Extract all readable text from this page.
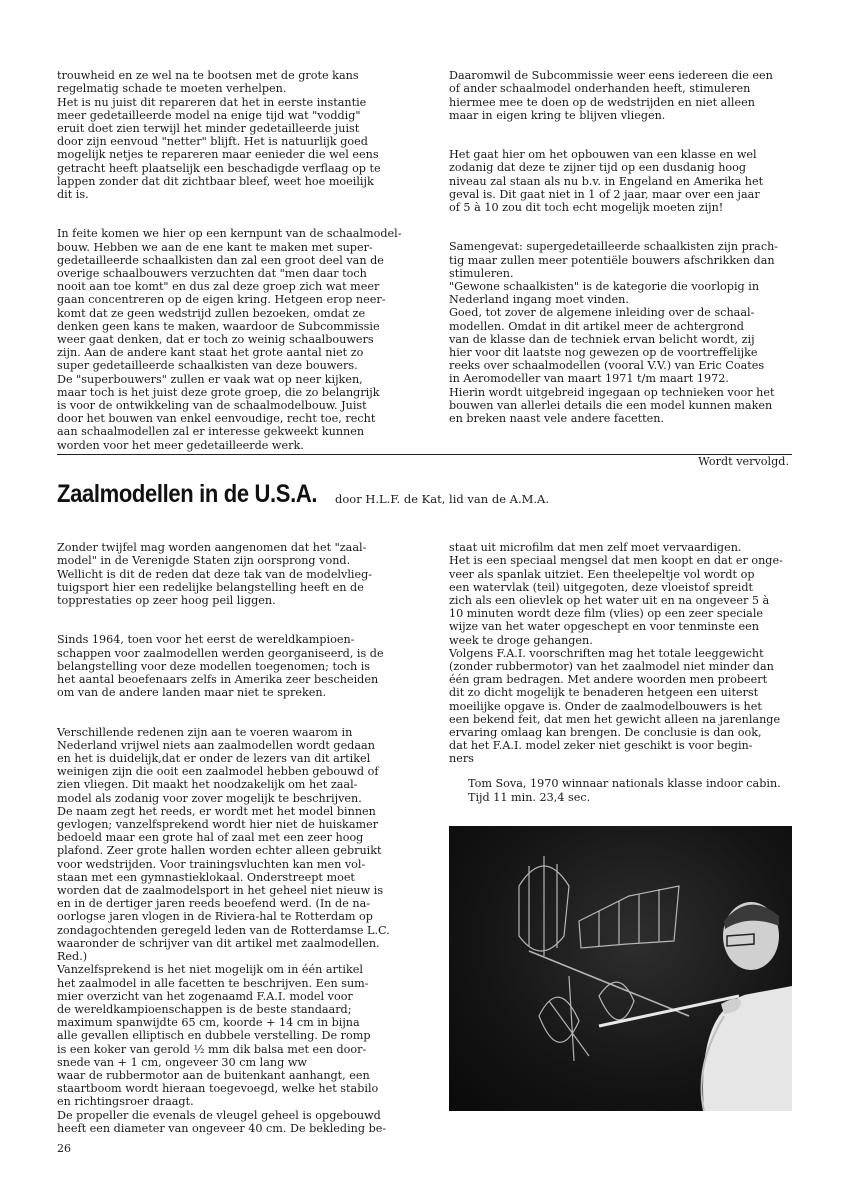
trouwheid en ze wel na te bootsen met de grote kans
regelmatig schade te moeten verhelpen.
Het is nu juist dit repareren dat het in eerste instantie
meer gedetailleerde model na enige tijd wat "voddig"
eruit doet zien terwijl het minder gedetailleerde juist
door zijn eenvoud "netter" blijft. Het is natuurlijk goed
mogelijk netjes te repareren maar eenieder die wel eens
getracht heeft plaatselijk een beschadigde verflaag op te
lappen zonder dat dit zichtbaar bleef, weet hoe moeilijk
dit is.

In feite komen we hier op een kernpunt van de schaalmodel-
bouw. Hebben we aan de ene kant te maken met super-
gedetailleerde schaalkisten dan zal een groot deel van de
overige schaalbouwers verzuchten dat "men daar toch
nooit aan toe komt" en dus zal deze groep zich wat meer
gaan concentreren op de eigen kring. Hetgeen erop neer-
komt dat ze geen wedstrijd zullen bezoeken, omdat ze
denken geen kans te maken, waardoor de Subcommissie
weer gaat denken, dat er toch zo weinig schaalbouwers
zijn. Aan de andere kant staat het grote aantal niet zo
super gedetailleerde schaalkisten van deze bouwers.
De "superbouwers" zullen er vaak wat op neer kijken,
maar toch is het juist deze grote groep, die zo belangrijk
is voor de ontwikkeling van de schaalmodelbouw. Juist
door het bouwen van enkel eenvoudige, recht toe, recht
aan schaalmodellen zal er interesse gekweekt kunnen
worden voor het meer gedetailleerde werk.

Daaromwil de Subcommissie weer eens iedereen die een
of ander schaalmodel onderhanden heeft, stimuleren
hiermee mee te doen op de wedstrijden en niet alleen
maar in eigen kring te blijven vliegen.

Het gaat hier om het opbouwen van een klasse en wel
zodanig dat deze te zijner tijd op een dusdanig hoog
niveau zal staan als nu b.v. in Engeland en Amerika het
geval is. Dit gaat niet in 1 of 2 jaar, maar over een jaar
of 5 à 10 zou dit toch echt mogelijk moeten zijn!

Samengevat: supergedetailleerde schaalkisten zijn prach-
tig maar zullen meer potentiële bouwers afschrikken dan
stimuleren.
"Gewone schaalkisten" is de kategorie die voorlopig in
Nederland ingang moet vinden.
Goed, tot zover de algemene inleiding over de schaal-
modellen. Omdat in dit artikel meer de achtergrond
van de klasse dan de techniek ervan belicht wordt, zij
hier voor dit laatste nog gewezen op de voortreffelijke
reeks over schaalmodellen (vooral V.V.) van Eric Coates
in Aeromodeller van maart 1971 t/m maart 1972.
Hierin wordt uitgebreid ingegaan op technieken voor het
bouwen van allerlei details die een model kunnen maken
en breken naast vele andere facetten.

Wordt vervolgd.

Zaalmodellen in de U.S.A. door H.L.F. de Kat, lid van de A.M.A.

Zonder twijfel mag worden aangenomen dat het "zaal-
model" in de Verenigde Staten zijn oorsprong vond.
Wellicht is dit de reden dat deze tak van de modelvlieg-
tuigsport hier een redelijke belangstelling heeft en de
topprestaties op zeer hoog peil liggen.

Sinds 1964, toen voor het eerst de wereldkampioen-
schappen voor zaalmodellen werden georganiseerd, is de
belangstelling voor deze modellen toegenomen; toch is
het aantal beoefenaars zelfs in Amerika zeer bescheiden
om van de andere landen maar niet te spreken.

Verschillende redenen zijn aan te voeren waarom in
Nederland vrijwel niets aan zaalmodellen wordt gedaan
en het is duidelijk,dat er onder de lezers van dit artikel
weinigen zijn die ooit een zaalmodel hebben gebouwd of
zien vliegen. Dit maakt het noodzakelijk om het zaal-
model als zodanig voor zover mogelijk te beschrijven.
De naam zegt het reeds, er wordt met het model binnen
gevlogen; vanzelfsprekend wordt hier niet de huiskamer
bedoeld maar een grote hal of zaal met een zeer hoog
plafond. Zeer grote hallen worden echter alleen gebruikt
voor wedstrijden. Voor trainingsvluchten kan men vol-
staan met een gymnastieklokaal. Onderstreept moet
worden dat de zaalmodelsport in het geheel niet nieuw is
en in de dertiger jaren reeds beoefend werd. (In de na-
oorlogse jaren vlogen in de Riviera-hal te Rotterdam op
zondagochtenden geregeld leden van de Rotterdamse L.C.
waaronder de schrijver van dit artikel met zaalmodellen.
Red.)
Vanzelfsprekend is het niet mogelijk om in één artikel
het zaalmodel in alle facetten te beschrijven. Een sum-
mier overzicht van het zogenaamd F.A.I. model voor
de wereldkampioenschappen is de beste standaard;
maximum spanwijdte 65 cm, koorde + 14 cm in bijna
alle gevallen elliptisch en dubbele verstelling. De romp
is een koker van gerold ½ mm dik balsa met een door-
snede van + 1 cm, ongeveer 30 cm lang ww
waar de rubbermotor aan de buitenkant aanhangt, een
staartboom wordt hieraan toegevoegd, welke het stabilo
en richtingsroer draagt.
De propeller die evenals de vleugel geheel is opgebouwd
heeft een diameter van ongeveer 40 cm. De bekleding be-

staat uit microfilm dat men zelf moet vervaardigen.
Het is een speciaal mengsel dat men koopt en dat er onge-
veer als spanlak uitziet. Een theelepeltje vol wordt op
een watervlak (teil) uitgegoten, deze vloeistof spreidt
zich als een olievlek op het water uit en na ongeveer 5 à
10 minuten wordt deze film (vlies) op een zeer speciale
wijze van het water opgeschept en voor tenminste een
week te droge gehangen.
Volgens F.A.I. voorschriften mag het totale leeggewicht
(zonder rubbermotor) van het zaalmodel niet minder dan
één gram bedragen. Met andere woorden men probeert
dit zo dicht mogelijk te benaderen hetgeen een uiterst
moeilijke opgave is. Onder de zaalmodelbouwers is het
een bekend feit, dat men het gewicht alleen na jarenlange
ervaring omlaag kan brengen. De conclusie is dan ook,
dat het F.A.I. model zeker niet geschikt is voor begin-
ners

Tom Sova, 1970 winnaar nationals klasse indoor cabin.
Tijd 11 min. 23,4 sec.
26
